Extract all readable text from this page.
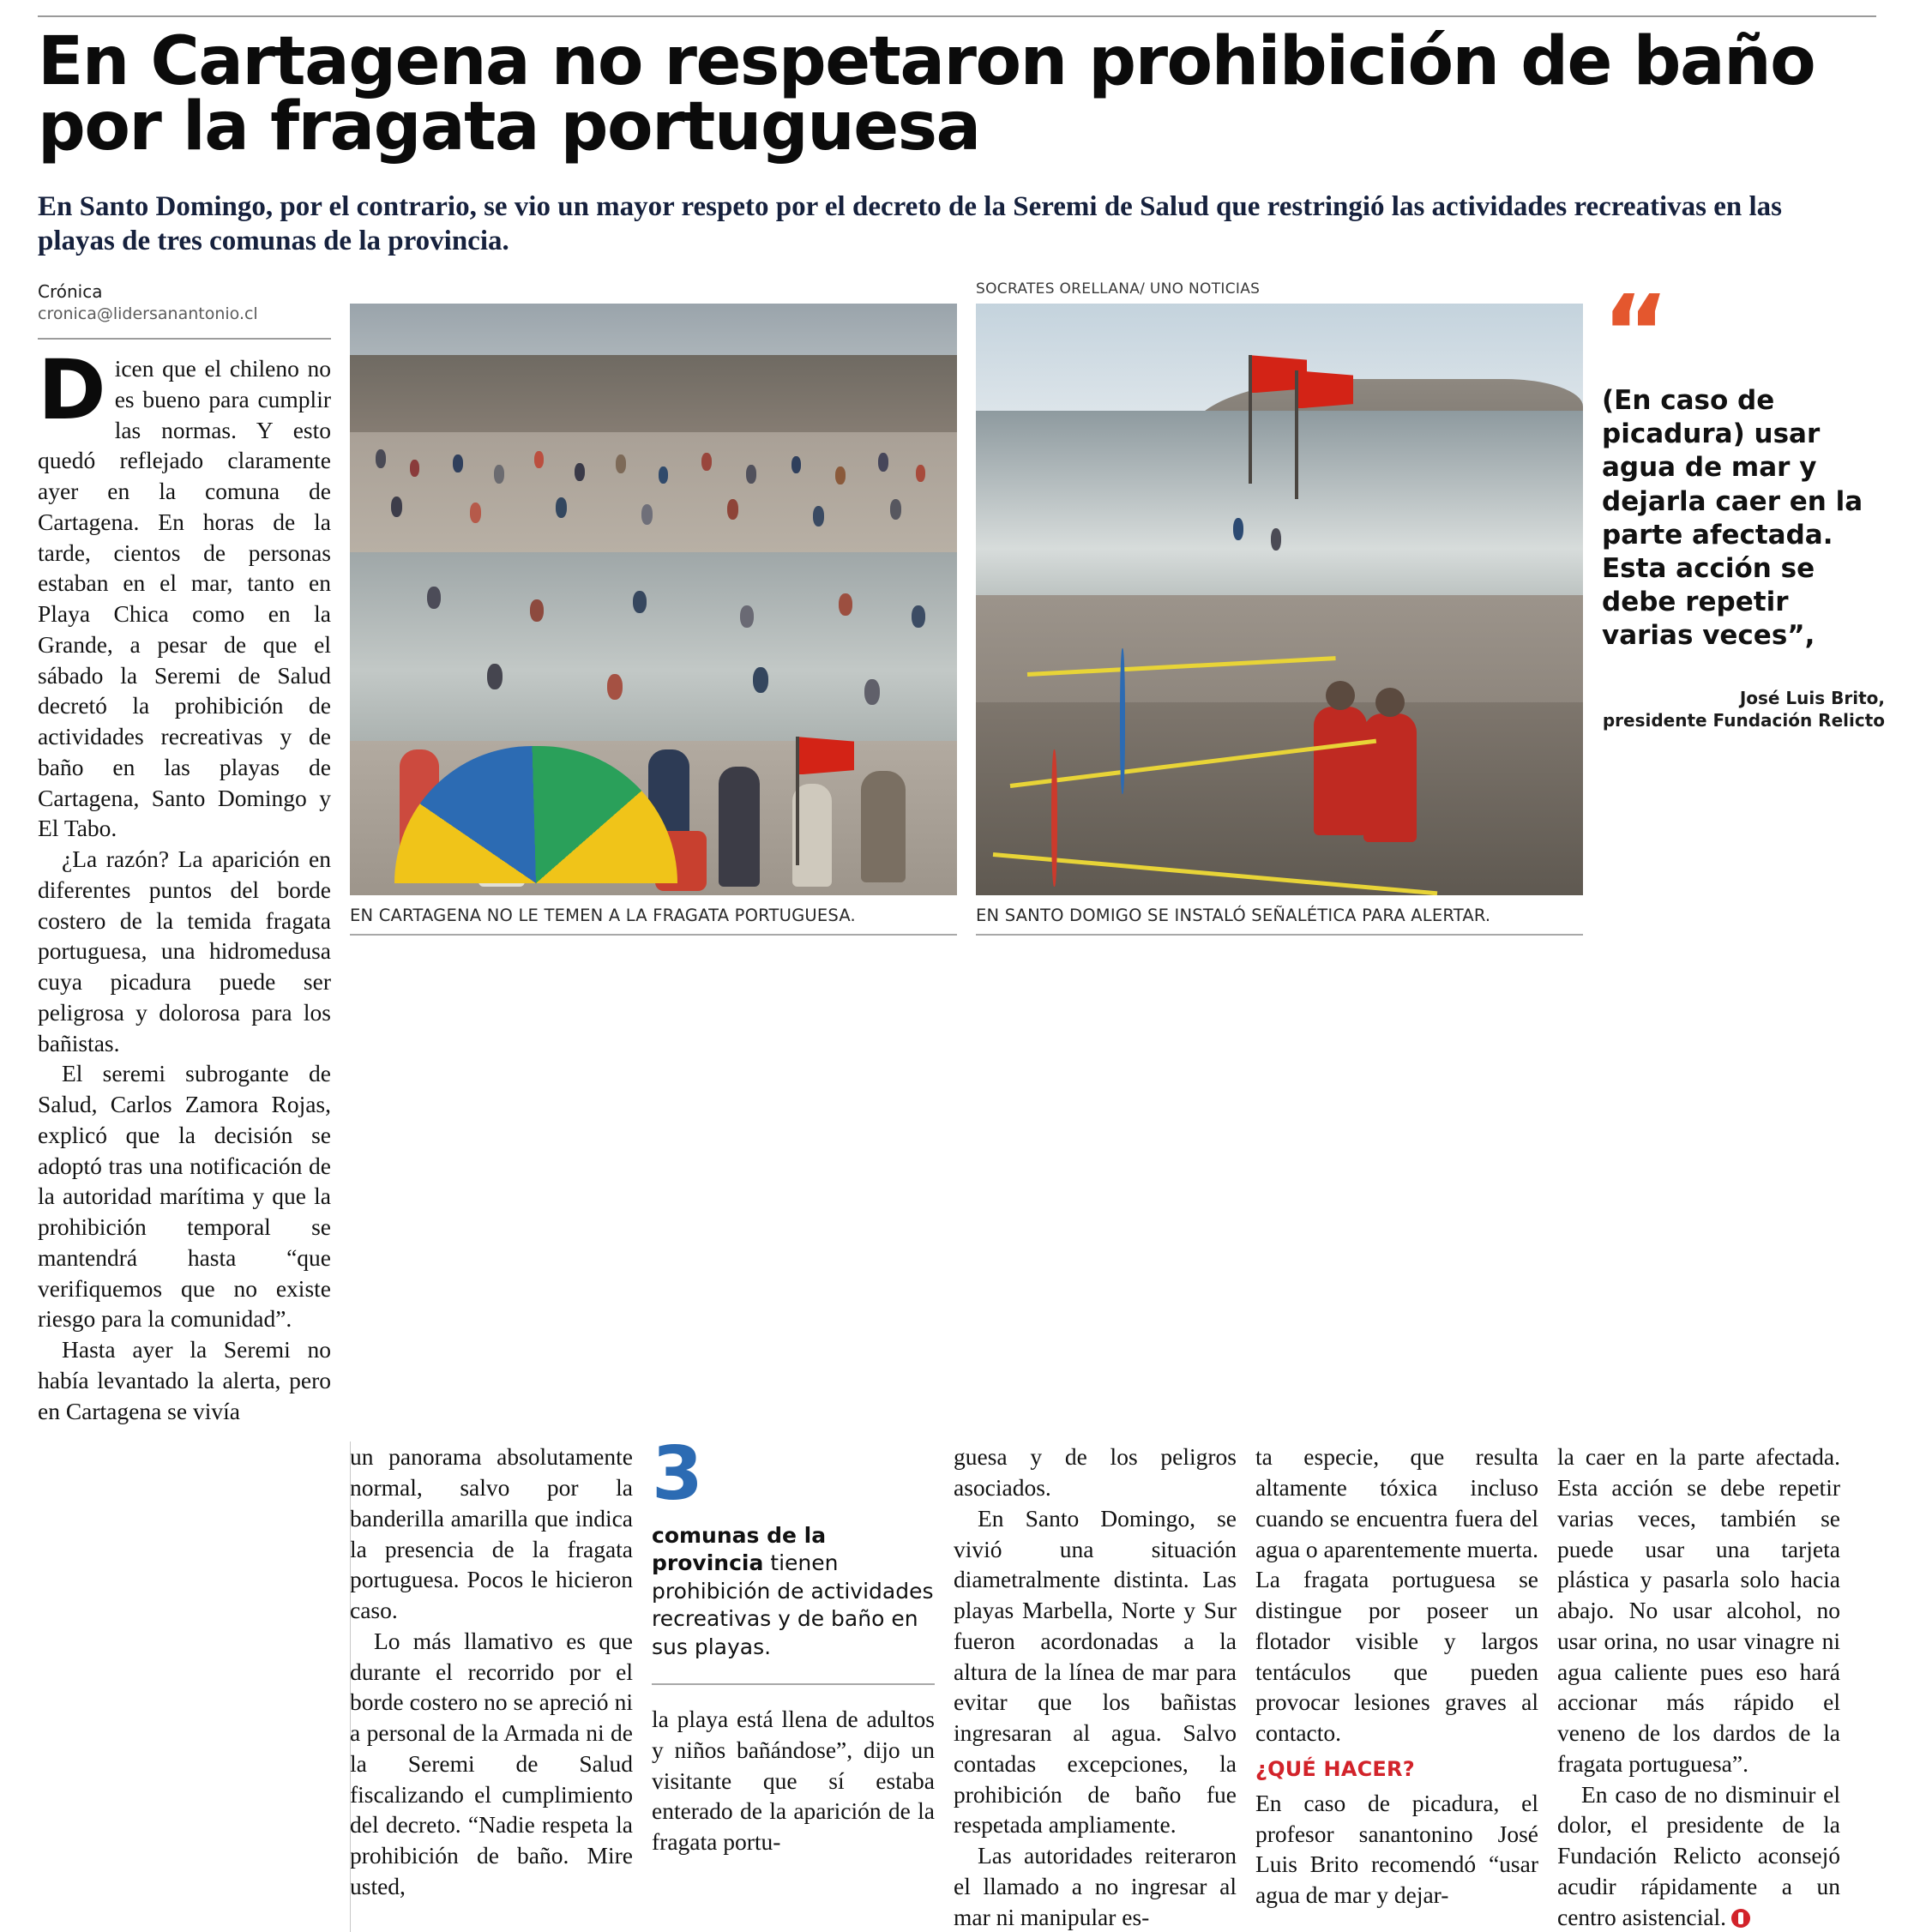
En Cartagena no respetaron prohibición de baño por la fragata portuguesa
En Santo Domingo, por el contrario, se vio un mayor respeto por el decreto de la Seremi de Salud que restringió las actividades recreativas en las playas de tres comunas de la provincia.
Crónica
cronica@lidersanantonio.cl

Dicen que el chileno no es bueno para cumplir las normas. Y esto quedó reflejado claramente ayer en la comuna de Cartagena. En horas de la tarde, cientos de personas estaban en el mar, tanto en Playa Chica como en la Grande, a pesar de que el sábado la Seremi de Salud decretó la prohibición de actividades recreativas y de baño en las playas de Cartagena, Santo Domingo y El Tabo.

¿La razón? La aparición en diferentes puntos del borde costero de la temida fragata portuguesa, una hidromedusa cuya picadura puede ser peligrosa y dolorosa para los bañistas.

El seremi subrogante de Salud, Carlos Zamora Rojas, explicó que la decisión se adoptó tras una notificación de la autoridad marítima y que la prohibición temporal se mantendrá hasta “que verifiquemos que no existe riesgo para la comunidad”.

Hasta ayer la Seremi no había levantado la alerta, pero en Cartagena se vivía

EN CARTAGENA NO LE TEMEN A LA FRAGATA PORTUGUESA.
SOCRATES ORELLANA/ UNO NOTICIAS
EN SANTO DOMIGO SE INSTALÓ SEÑALÉTICA PARA ALERTAR.
“
(En caso de picadura) usar agua de mar y dejarla caer en la parte afectada. Esta acción se debe repetir varias veces”,
José Luis Brito,
presidente Fundación Relicto

un panorama absolutamente normal, salvo por la banderilla amarilla que indica la presencia de la fragata portuguesa. Pocos le hicieron caso.

Lo más llamativo es que durante el recorrido por el borde costero no se apreció ni a personal de la Armada ni de la Seremi de Salud fiscalizando el cumplimiento del decreto. “Nadie respeta la prohibición de baño. Mire usted,

3
comunas de la provincia tienen prohibición de actividades recreativas y de baño en sus playas.

la playa está llena de adultos y niños bañándose”, dijo un visitante que sí estaba enterado de la aparición de la fragata portu-

guesa y de los peligros asociados.

En Santo Domingo, se vivió una situación diametralmente distinta. Las playas Marbella, Norte y Sur fueron acordonadas a la altura de la línea de mar para evitar que los bañistas ingresaran al agua. Salvo contadas excepciones, la prohibición de baño fue respetada ampliamente.

Las autoridades reiteraron el llamado a no ingresar al mar ni manipular es-

ta especie, que resulta altamente tóxica incluso cuando se encuentra fuera del agua o aparentemente muerta. La fragata portuguesa se distingue por poseer un flotador visible y largos tentáculos que pueden provocar lesiones graves al contacto.

¿QUÉ HACER?

En caso de picadura, el profesor sanantonino José Luis Brito recomendó “usar agua de mar y dejar-

la caer en la parte afectada. Esta acción se debe repetir varias veces, también se puede usar una tarjeta plástica y pasarla solo hacia abajo. No usar alcohol, no usar orina, no usar vinagre ni agua caliente pues eso hará accionar más rápido el veneno de los dardos de la fragata portuguesa”.

En caso de no disminuir el dolor, el presidente de la Fundación Relicto aconsejó acudir rápidamente a un centro asistencial.
